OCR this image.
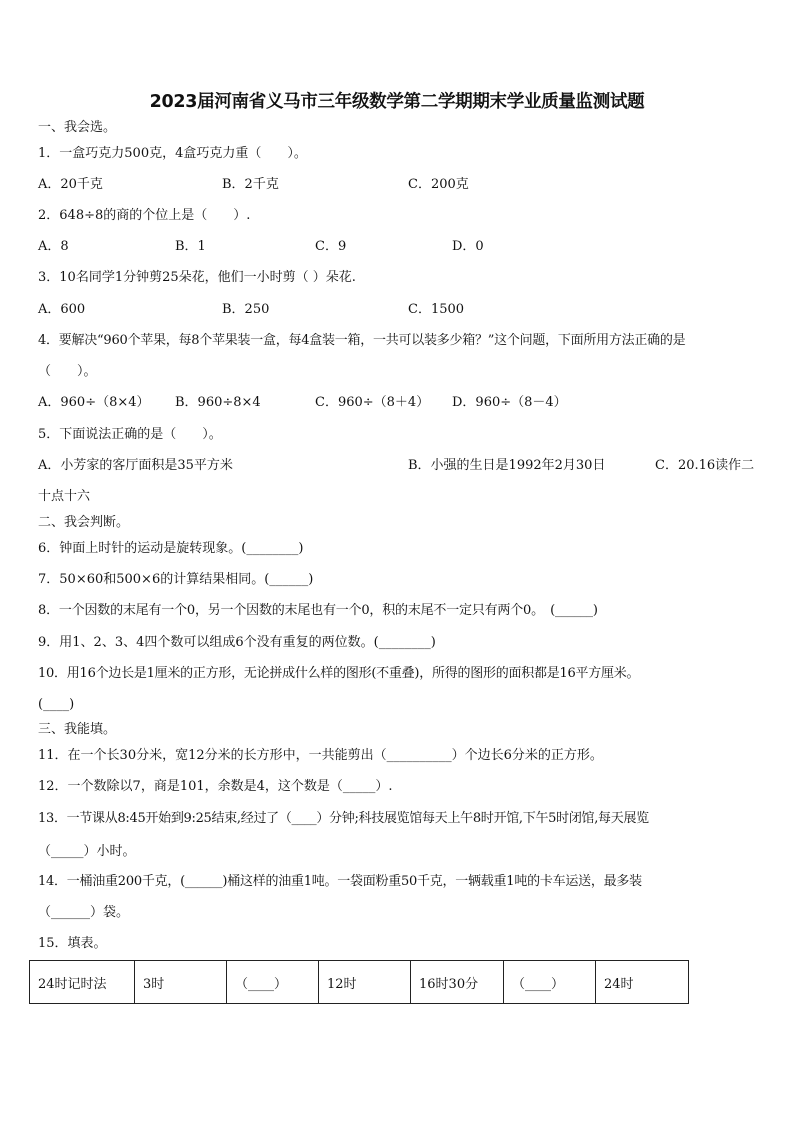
2023届河南省义马市三年级数学第二学期期末学业质量监测试题
一、我会选。
1．一盒巧克力500克，4盒巧克力重（　　）。
A．20千克	B．2千克	C．200克
2．648÷8的商的个位上是（　　）.
A．8	B．1	C．9	D．0
3．10名同学1分钟剪25朵花，他们一小时剪（ ）朵花.
A．600	B．250	C．1500
4．要解决“960个苹果，每8个苹果装一盒，每4盒装一箱，一共可以装多少箱？”这个问题，下面所用方法正确的是
（　　）。
A．960÷（8×4） B．960÷8×4	C．960÷（8＋4） D．960÷（8－4）
5．下面说法正确的是（　　）。
A．小芳家的客厅面积是35平方米	B．小强的生日是1992年2月30日	C．20.16读作二
十点十六
二、我会判断。
6．钟面上时针的运动是旋转现象。(________)
7．50×60和500×6的计算结果相同。(______)
8．一个因数的末尾有一个0，另一个因数的末尾也有一个0，积的末尾不一定只有两个0。　(______)
9．用1、2、3、4四个数可以组成6个没有重复的两位数。(________)
10．用16个边长是1厘米的正方形，无论拼成什么样的图形(不重叠)，所得的图形的面积都是16平方厘米。
(____)
三、我能填。
11．在一个长30分米，宽12分米的长方形中，一共能剪出（__________）个边长6分米的正方形。
12．一个数除以7，商是101，余数是4，这个数是（_____）.
13．一节课从8:45开始到9:25结束,经过了（____）分钟;科技展览馆每天上午8时开馆,下午5时闭馆,每天展览
（_____）小时。
14．一桶油重200千克，(______)桶这样的油重1吨。一袋面粉重50千克，一辆载重1吨的卡车运送，最多装
（______）袋。
15．填表。
24时记时法	3时	（____）	12时	16时30分	（____）	24时
